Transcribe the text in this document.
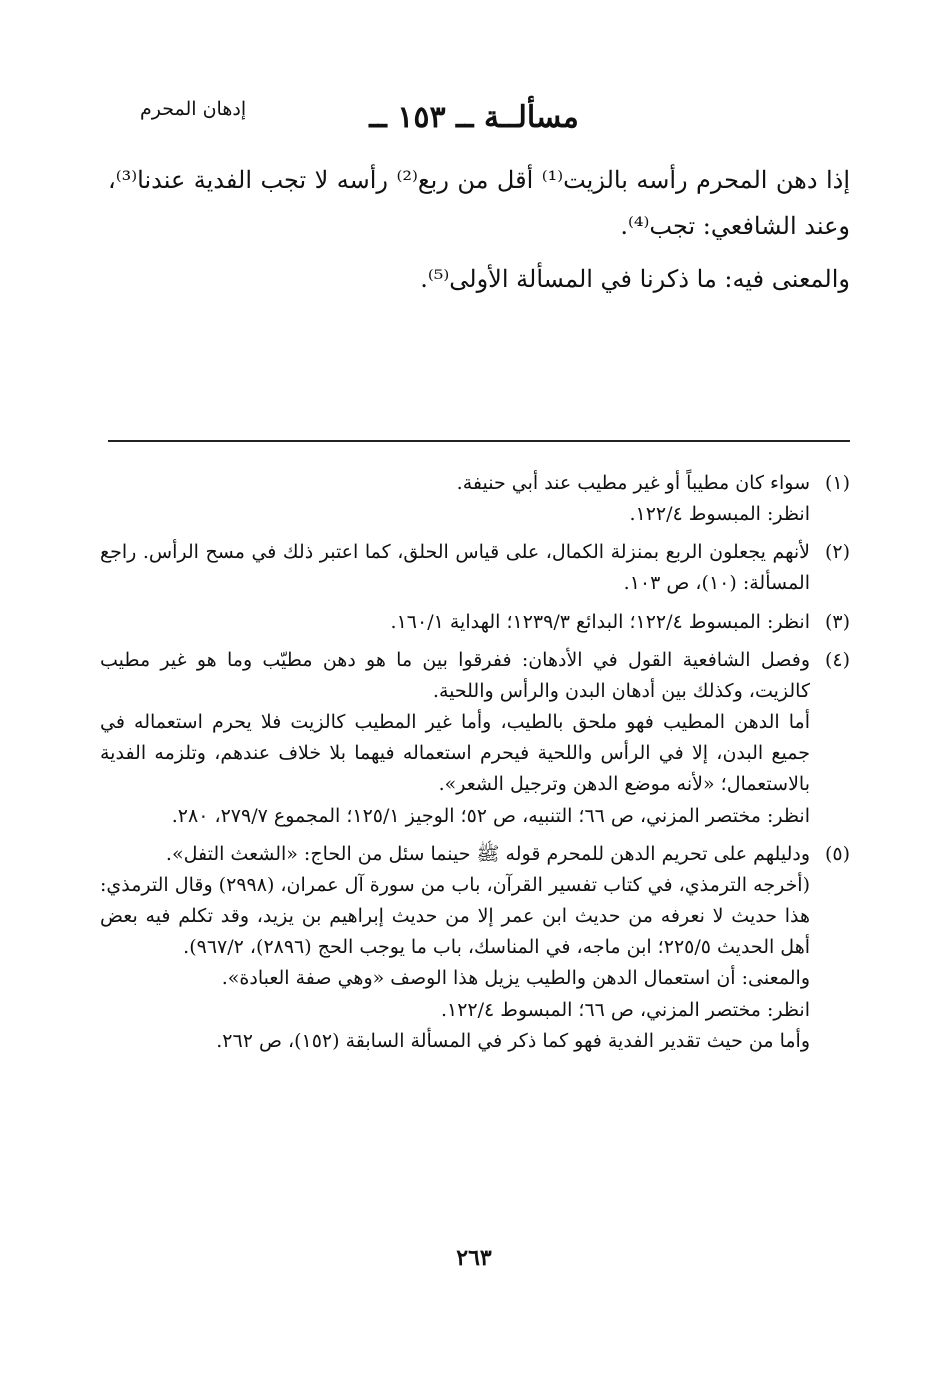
إدهان المحرم	مسألــة ــ ١٥٣ ــ

إذا دهن المحرم رأسه بالزيت⁽¹⁾ أقل من ربع⁽²⁾ رأسه لا تجب الفدية عندنا⁽³⁾، وعند الشافعي: تجب⁽⁴⁾.

والمعنى فيه: ما ذكرنا في المسألة الأولى⁽⁵⁾.

(١)
سواء كان مطيباً أو غير مطيب عند أبي حنيفة.
انظر: المبسوط ١٢٢/٤.
(٢)
لأنهم يجعلون الربع بمنزلة الكمال، على قياس الحلق، كما اعتبر ذلك في مسح الرأس. راجع المسألة: (١٠)، ص ١٠٣.
(٣)
انظر: المبسوط ١٢٢/٤؛ البدائع ١٢٣٩/٣؛ الهداية ١٦٠/١.
(٤)
وفصل الشافعية القول في الأدهان: ففرقوا بين ما هو دهن مطيّب وما هو غير مطيب كالزيت، وكذلك بين أدهان البدن والرأس واللحية.
أما الدهن المطيب فهو ملحق بالطيب، وأما غير المطيب كالزيت فلا يحرم استعماله في جميع البدن، إلا في الرأس واللحية فيحرم استعماله فيهما بلا خلاف عندهم، وتلزمه الفدية بالاستعمال؛ «لأنه موضع الدهن وترجيل الشعر».
انظر: مختصر المزني، ص ٦٦؛ التنبيه، ص ٥٢؛ الوجيز ١٢٥/١؛ المجموع ٢٧٩/٧، ٢٨٠.
(٥)
ودليلهم على تحريم الدهن للمحرم قوله ﷺ حينما سئل من الحاج: «الشعث التفل».
(أخرجه الترمذي، في كتاب تفسير القرآن، باب من سورة آل عمران، (٢٩٩٨) وقال الترمذي: هذا حديث لا نعرفه من حديث ابن عمر إلا من حديث إبراهيم بن يزيد، وقد تكلم فيه بعض أهل الحديث ٢٢٥/٥؛ ابن ماجه، في المناسك، باب ما يوجب الحج (٢٨٩٦)، ٩٦٧/٢).
والمعنى: أن استعمال الدهن والطيب يزيل هذا الوصف «وهي صفة العبادة».
انظر: مختصر المزني، ص ٦٦؛ المبسوط ١٢٢/٤.
وأما من حيث تقدير الفدية فهو كما ذكر في المسألة السابقة (١٥٢)، ص ٢٦٢.
٢٦٣
